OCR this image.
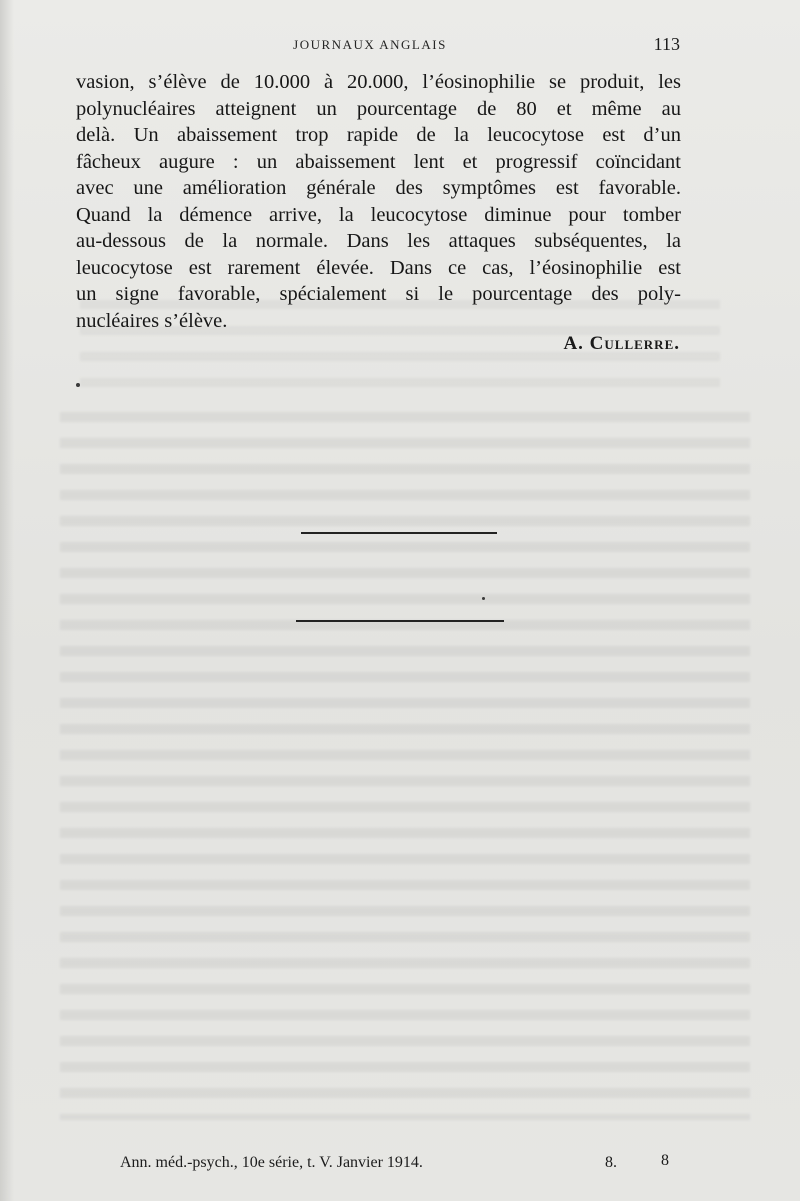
JOURNAUX ANGLAIS	113
vasion, s’élève de 10.000 à 20.000, l’éosinophilie se produit, les
polynucléaires atteignent un pourcentage de 80 et même au
delà. Un abaissement trop rapide de la leucocytose est d’un
fâcheux augure : un abaissement lent et progressif coïncidant
avec une amélioration générale des symptômes est favorable.
Quand la démence arrive, la leucocytose diminue pour tomber
au-dessous de la normale. Dans les attaques subséquentes, la
leucocytose est rarement élevée. Dans ce cas, l’éosinophilie est
un signe favorable, spécialement si le pourcentage des poly-
nucléaires s’élève.
A. Cullerre.
Ann. méd.-psych., 10e série, t. V. Janvier 1914.	8.	8
